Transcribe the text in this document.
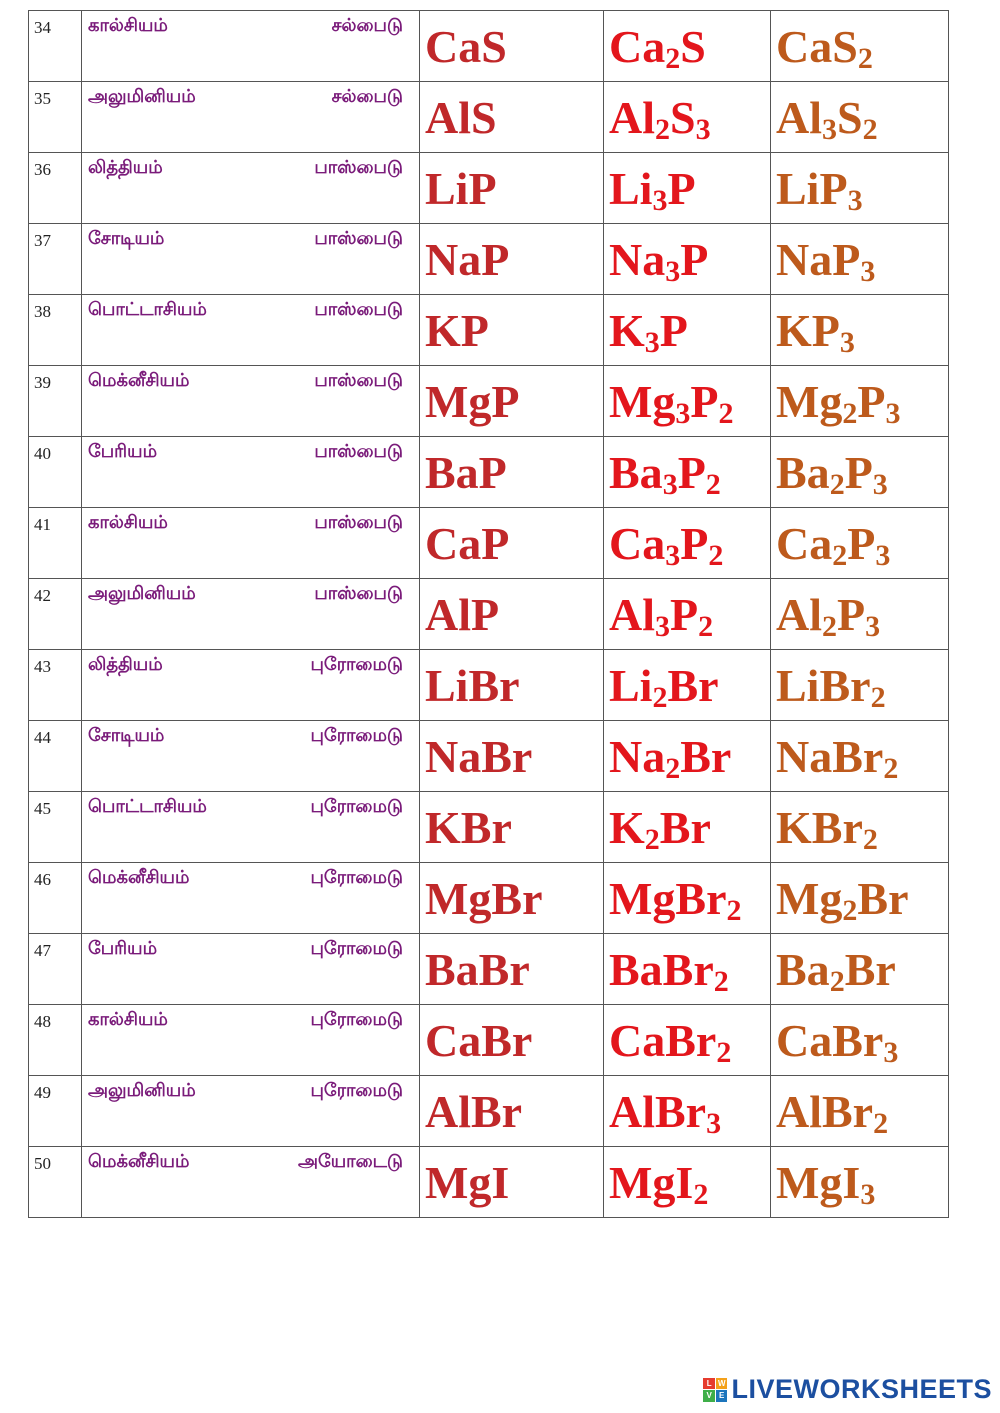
34	கால்சியம் சல்பைடு	CaS	$Ca_2S$	CaS$_2$

35	அலுமினியம் சல்பைடு	AlS	$Al_2S_3$	$Al_3S_2$

36	லித்தியம் பாஸ்பைடு	LiP	$Li_3P$	LiP$_3$

37	சோடியம் பாஸ்பைடு	NaP	$Na_3P$	NaP$_3$

38	பொட்டாசியம் பாஸ்பைடு	KP	$K_3P$	$KP_3$

39	மெக்னீசியம் பாஸ்பைடு	MgP	$Mg_3P_2$	$Mg_2P_3$

40	பேரியம் பாஸ்பைடு	BaP	$Ba_3P_2$	$Ba_2P_3$

41	கால்சியம் பாஸ்பைடு	CaP	$Ca_3P_2$	$Ca_2P_3$

42	அலுமினியம் பாஸ்பைடு	AlP	$Al_3P_2$	$Al_2P_3$

43	லித்தியம் புரோமைடு	LiBr	$Li_2Br$	LiBr$_2$

44	சோடியம் புரோமைடு	NaBr	$Na_2Br$	NaBr$_2$

45	பொட்டாசியம் புரோமைடு	KBr	$K_2Br$	KBr$_2$

46	மெக்னீசியம் புரோமைடு	MgBr	MgBr$_2$	$Mg_2Br$

47	பேரியம் புரோமைடு	BaBr	BaBr$_2$	$Ba_2Br$

48	கால்சியம் புரோமைடு	CaBr	CaBr$_2$	CaBr$_3$

49	அலுமினியம் புரோமைடு	AlBr	AlBr$_3$	AlBr$_2$

50	மெக்னீசியம் அயோடைடு	MgI	MgI$_2$	MgI$_3$
L W
V E LIVEWORKSHEETS
